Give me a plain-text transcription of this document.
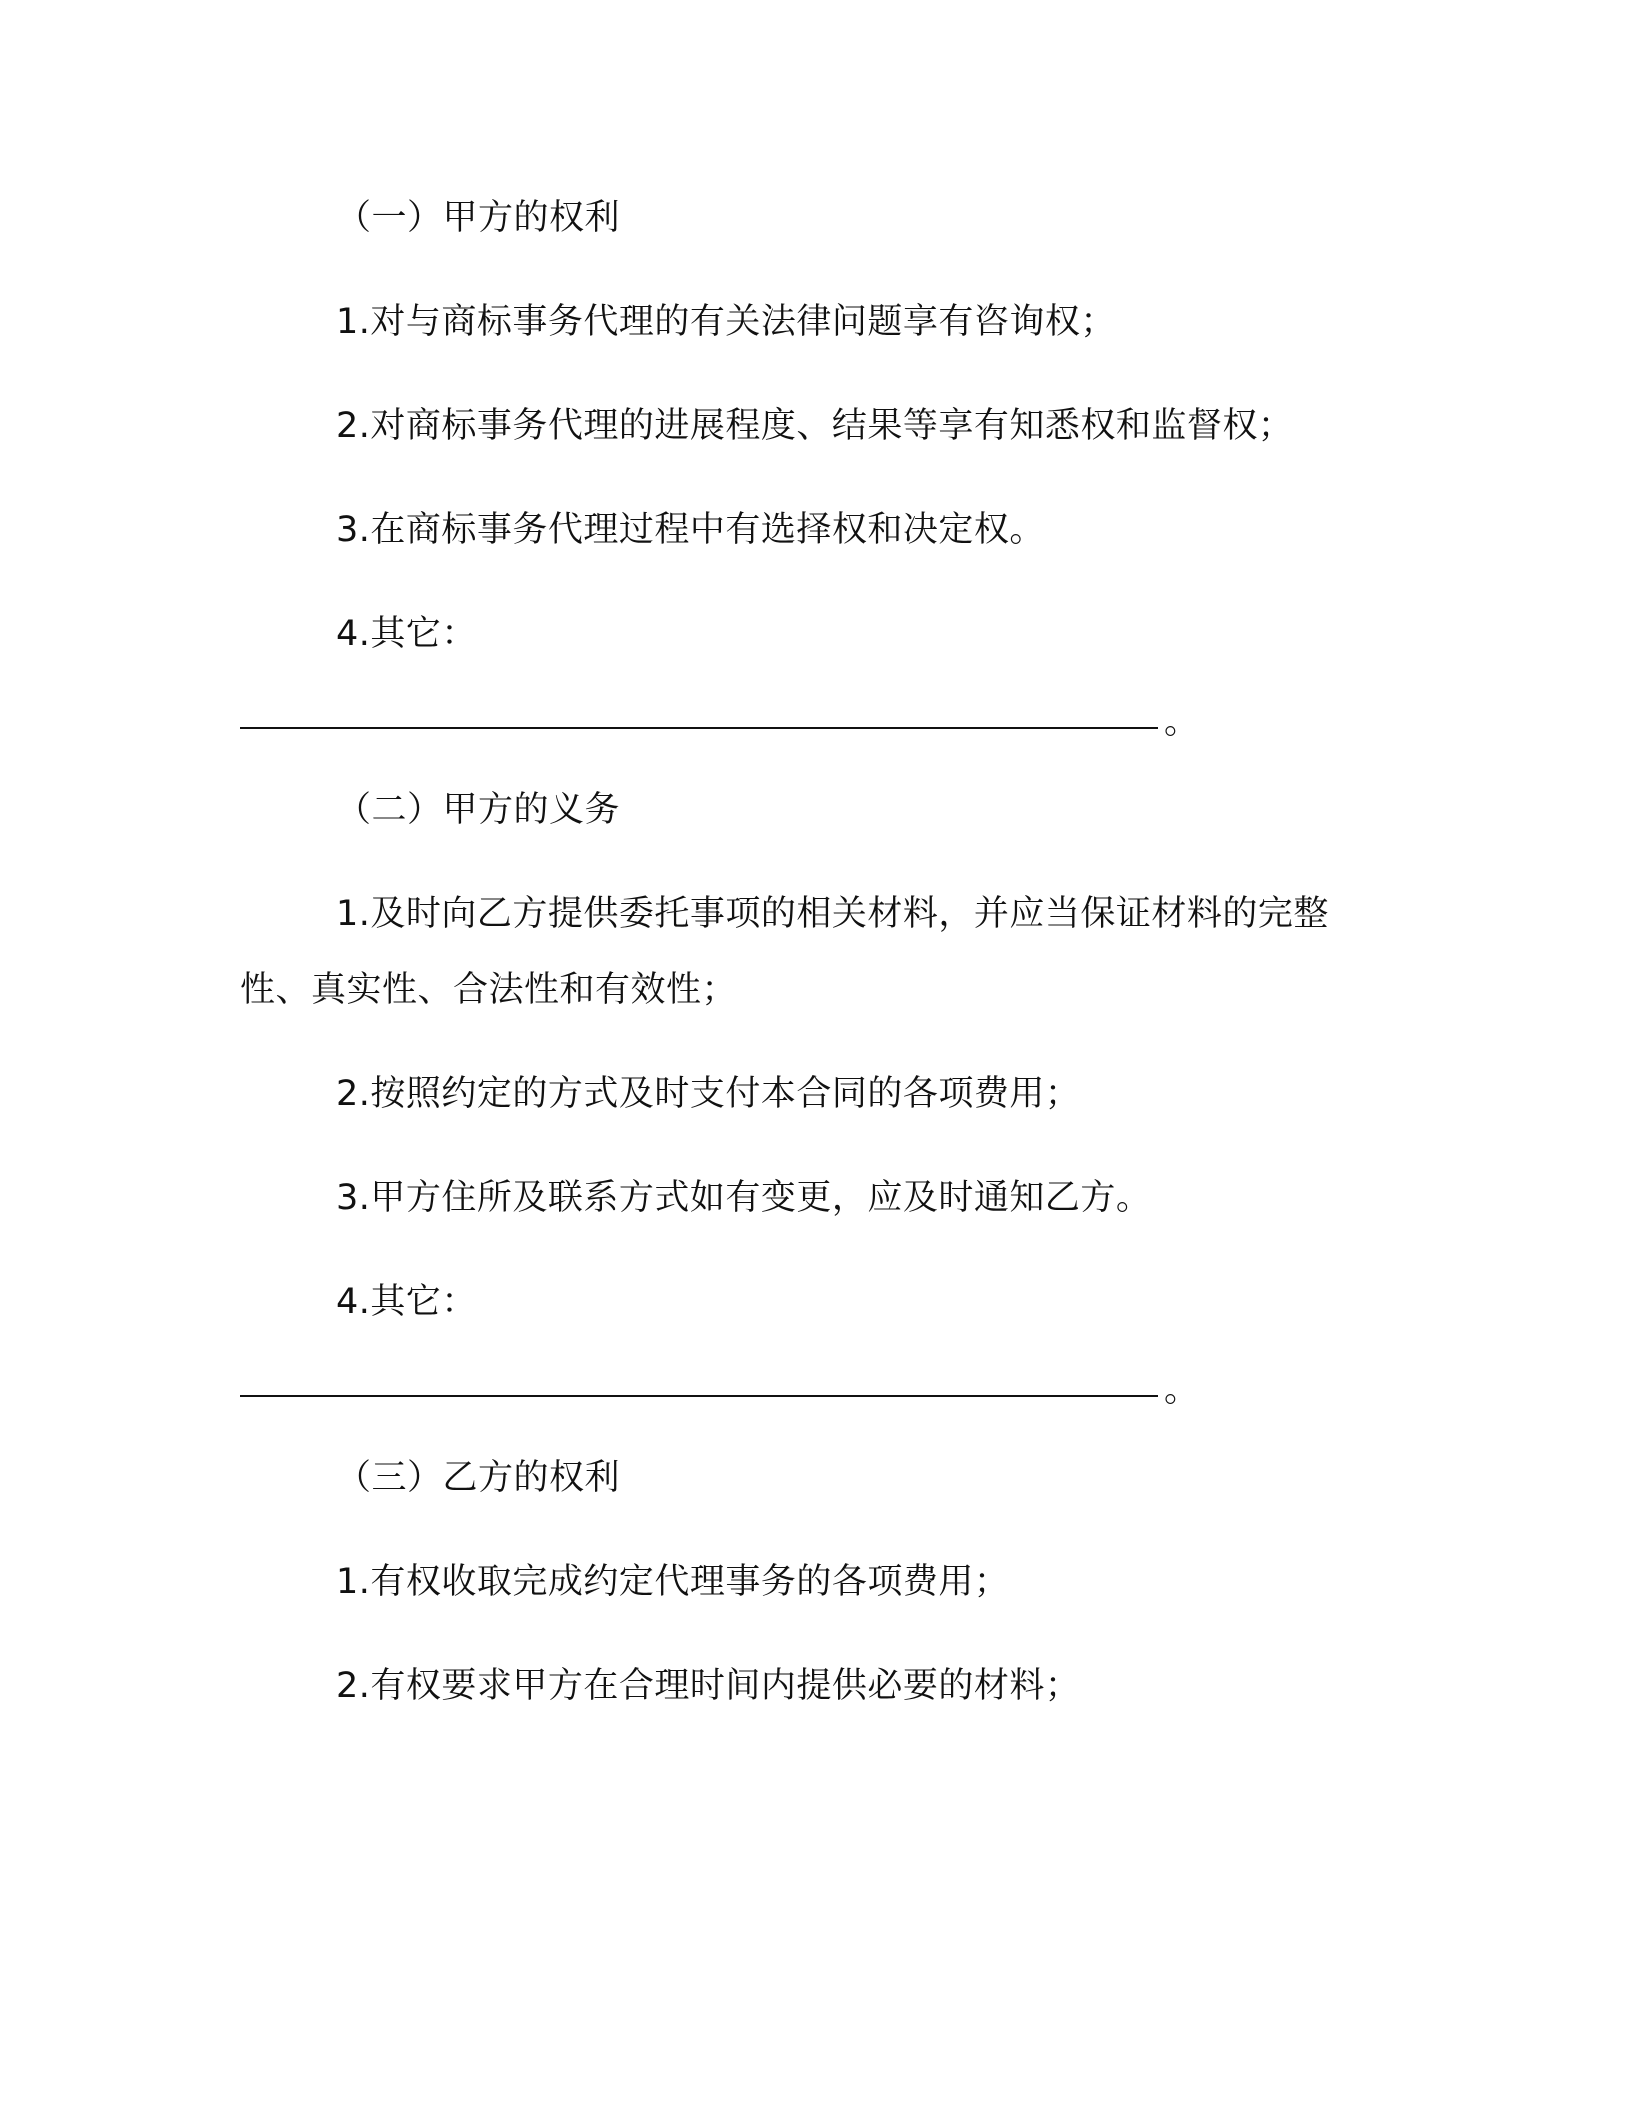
（一）甲方的权利

1.对与商标事务代理的有关法律问题享有咨询权；

2.对商标事务代理的进展程度、结果等享有知悉权和监督权；

3.在商标事务代理过程中有选择权和决定权。

4.其它：

。

（二）甲方的义务

1.及时向乙方提供委托事项的相关材料，并应当保证材料的完整

性、真实性、合法性和有效性；

2.按照约定的方式及时支付本合同的各项费用；

3.甲方住所及联系方式如有变更，应及时通知乙方。

4.其它：

。

（三）乙方的权利

1.有权收取完成约定代理事务的各项费用；

2.有权要求甲方在合理时间内提供必要的材料；
